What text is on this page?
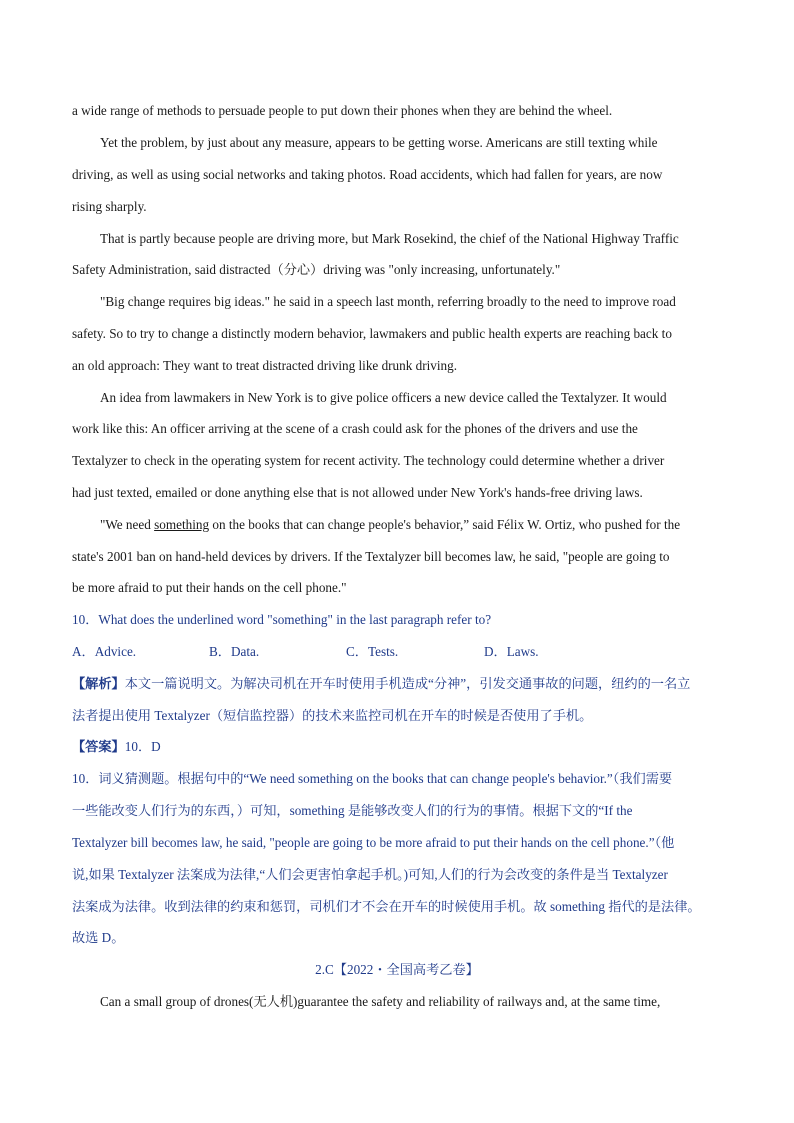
a wide range of methods to persuade people to put down their phones when they are behind the wheel.
Yet the problem, by just about any measure, appears to be getting worse. Americans are still texting while
driving, as well as using social networks and taking photos. Road accidents, which had fallen for years, are now
rising sharply.
That is partly because people are driving more, but Mark Rosekind, the chief of the National Highway Traffic
Safety Administration, said distracted（分心）driving was "only increasing, unfortunately."
"Big change requires big ideas." he said in a speech last month, referring broadly to the need to improve road
safety. So to try to change a distinctly modern behavior, lawmakers and public health experts are reaching back to
an old approach: They want to treat distracted driving like drunk driving.
An idea from lawmakers in New York is to give police officers a new device called the Textalyzer. It would
work like this: An officer arriving at the scene of a crash could ask for the phones of the drivers and use the
Textalyzer to check in the operating system for recent activity. The technology could determine whether a driver
had just texted, emailed or done anything else that is not allowed under New York's hands-free driving laws.
"We need something on the books that can change people's behavior,” said Félix W. Ortiz, who pushed for the
state's 2001 ban on hand-held devices by drivers. If the Textalyzer bill becomes law, he said, "people are going to
be more afraid to put their hands on the cell phone."
10．What does the underlined word "something" in the last paragraph refer to?
A．Advice.	B．Data.	C．Tests.	D．Laws.
【解析】本文一篇说明文。为解决司机在开车时使用手机造成“分神”，引发交通事故的问题，纽约的一名立
法者提出使用 Textalyzer（短信监控器）的技术来监控司机在开车的时候是否使用了手机。
【答案】10．D
10．词义猜测题。根据句中的“We need something on the books that can change people's behavior.”（我们需要
一些能改变人们行为的东西，）可知，something 是能够改变人们的行为的事情。根据下文的“If the
Textalyzer bill becomes law, he said, "people are going to be more afraid to put their hands on the cell phone.”（他
说,如果 Textalyzer 法案成为法律,“人们会更害怕拿起手机。)可知,人们的行为会改变的条件是当 Textalyzer
法案成为法律。收到法律的约束和惩罚，司机们才不会在开车的时候使用手机。故 something 指代的是法律。
故选 D。
2.C【2022・全国高考乙卷】
Can a small group of drones(无人机)guarantee the safety and reliability of railways and, at the same time,
